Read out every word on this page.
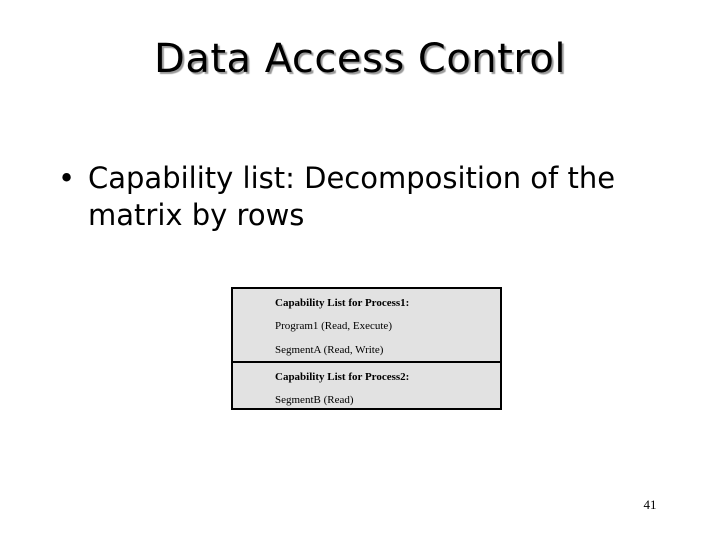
Data Access Control
• Capability list: Decomposition of the matrix by rows
Capability List for Process1:
Program1 (Read, Execute)
SegmentA (Read, Write)
Capability List for Process2:
SegmentB (Read)
41
